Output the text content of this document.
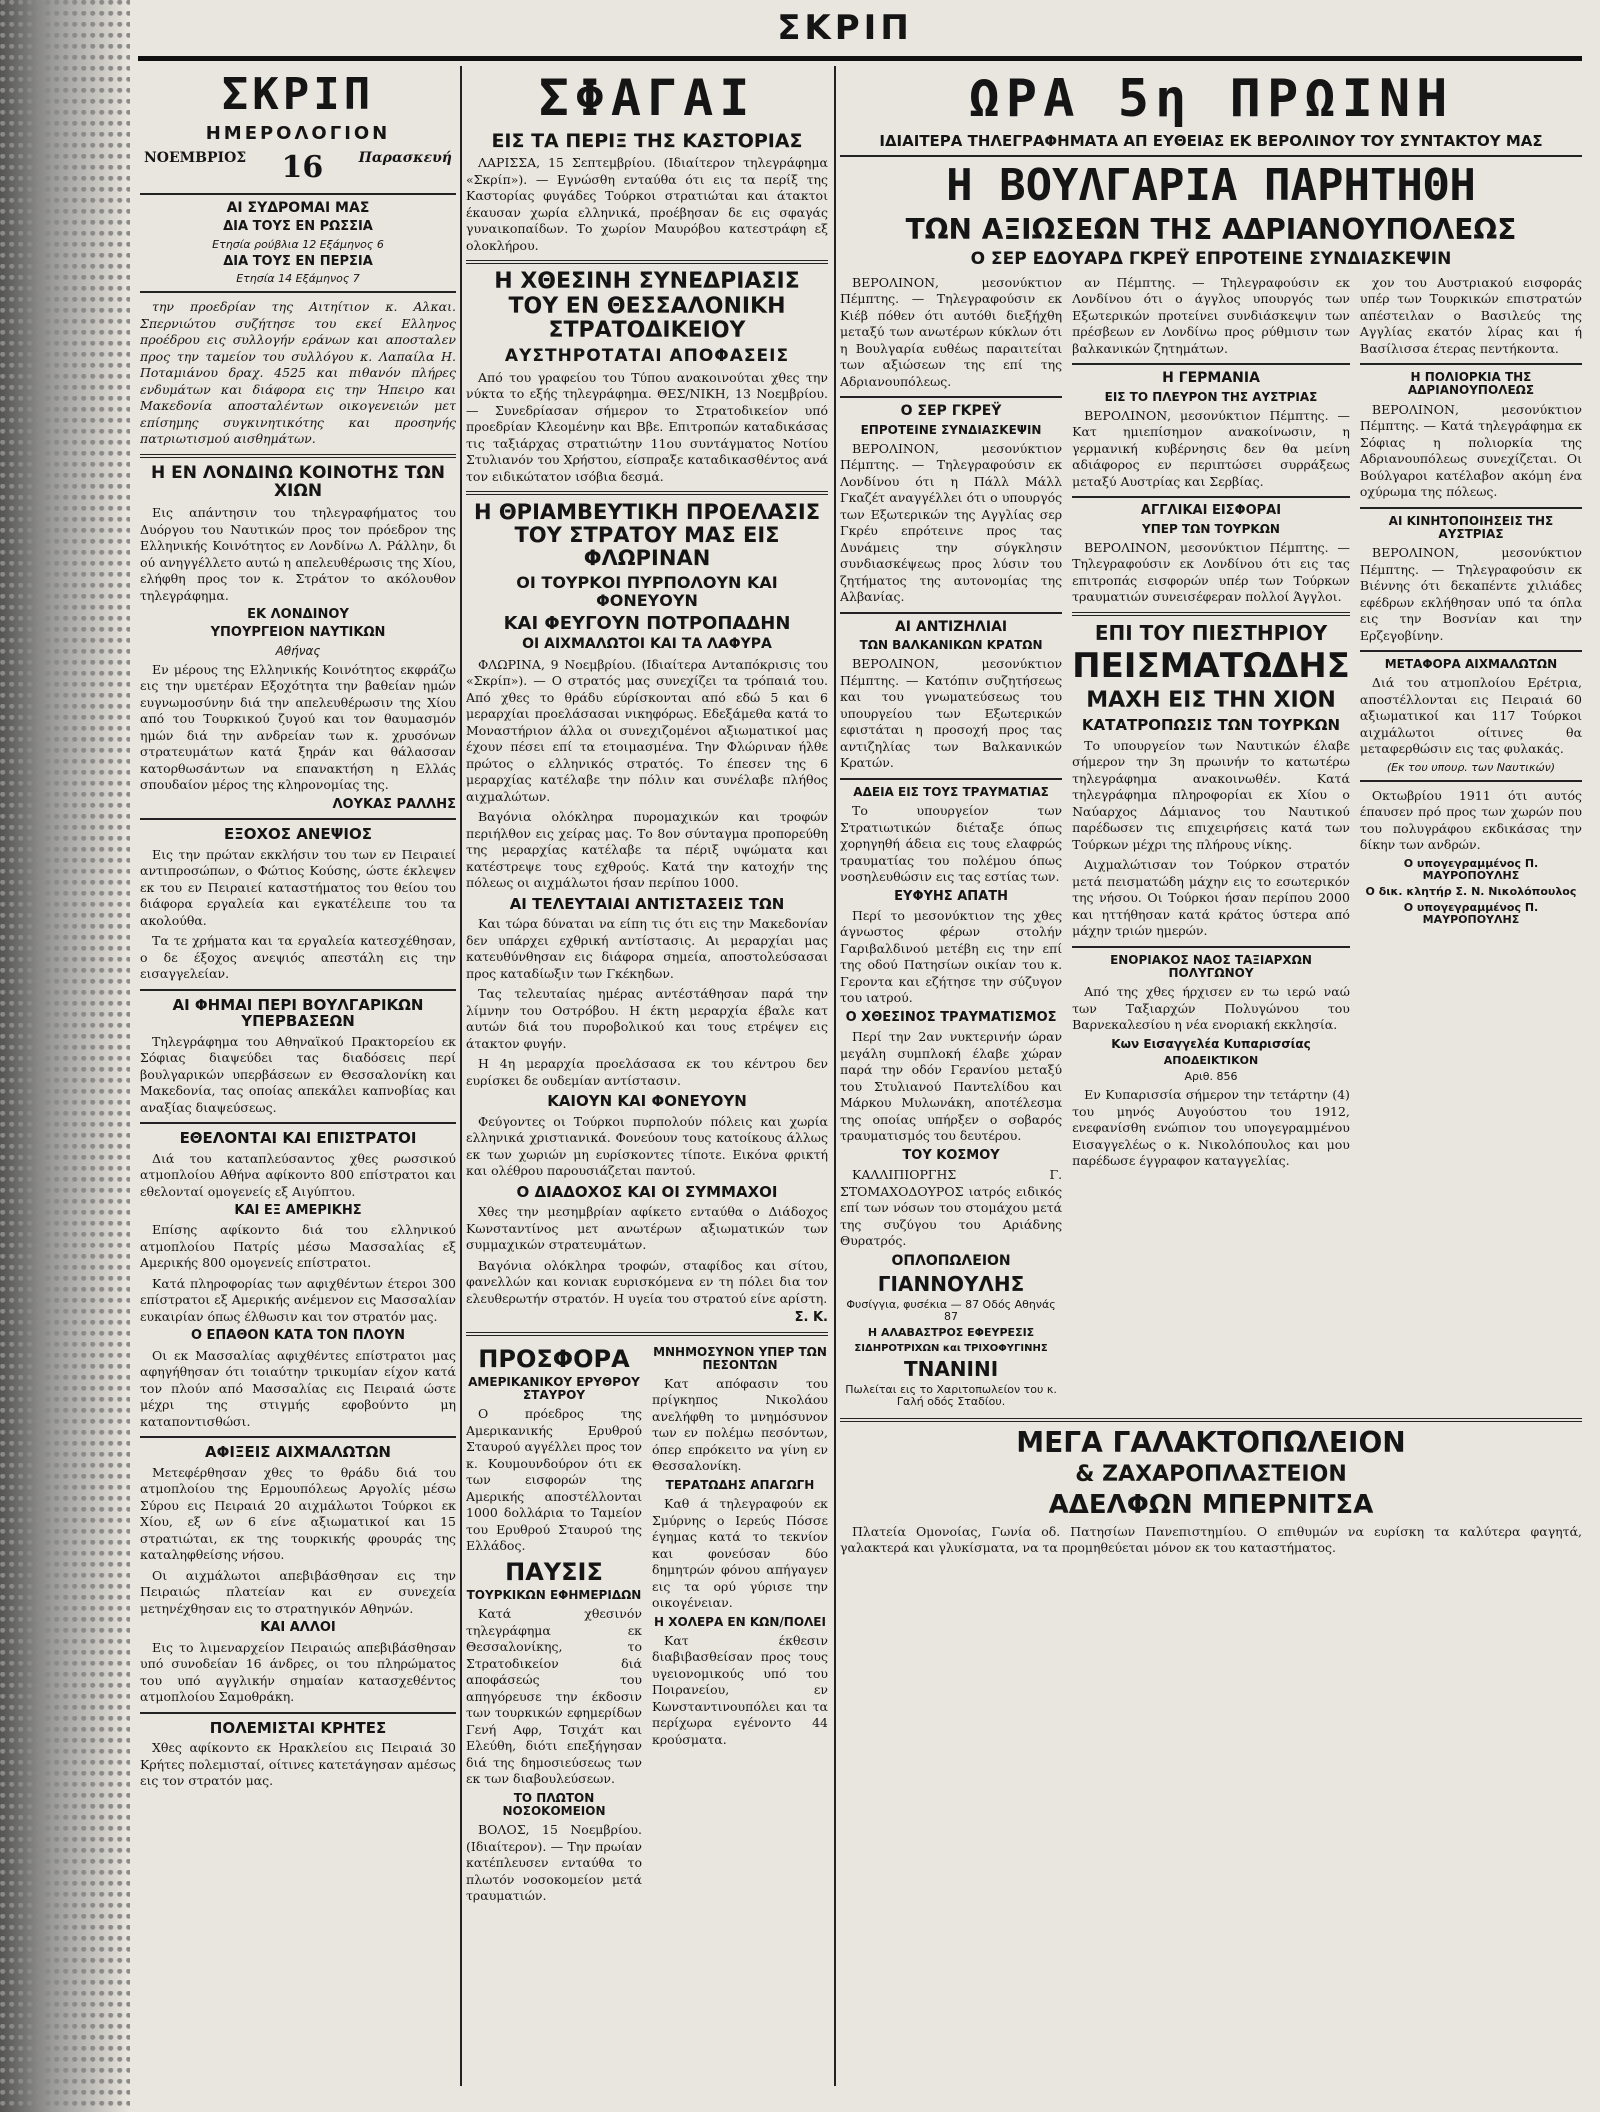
ΣΚΡΙΠ
ΣΚΡΙΠ
ΗΜΕΡΟΛΟΓΙΟΝ
ΝΟΕΜΒΡΙΟΣ 16	Παρασκευή
ΑΙ ΣΥΔΡΟΜΑΙ ΜΑΣ
ΔΙΑ ΤΟΥΣ ΕΝ ΡΩΣΣΙΑ
Ετησία ρούβλια 12 Εξάμηνος 6
ΔΙΑ ΤΟΥΣ ΕΝ ΠΕΡΣΙΑ
Ετησία 14 Εξάμηνος 7
την προεδρίαν της Αιτηίτιον κ. Αλκαι. Σπερνιώτου συζήτησε του εκεί Ελληνος προέδρου εις συλλογήν εράνων και αποσταλεν προς την ταμείον του συλλόγου κ. Λαπαίλα Η. Ποταμιάνου δραχ. 4525 και πιθανόν πλήρες ενδυμάτων και διάφορα εις την Ήπειρο και Μακεδονία αποσταλέντων οικογενειών μετ επίσημης συγκινητικότης και προσηνής πατριωτισμού αισθημάτων.
Η ΕΝ ΛΟΝΔΙΝΩ ΚΟΙΝΟΤΗΣ ΤΩΝ ΧΙΩΝ
Εις απάντησιν του τηλεγραφήματος του Δυόργου του Ναυτικών προς τον πρόεδρον της Ελληνικής Κοινότητος εν Λονδίνω Λ. Ράλλην, δι ού ανηγγέλλετο αυτώ η απελευθέρωσις της Χίου, ελήφθη προς τον κ. Στράτον το ακόλουθον τηλεγράφημα.
ΕΚ ΛΟΝΔΙΝΟΥ
ΥΠΟΥΡΓΕΙΟΝ ΝΑΥΤΙΚΩΝ
Αθήνας
Εν μέρους της Ελληνικής Κοινότητος εκφράζω εις την υμετέραν Εξοχότητα την βαθείαν ημών ευγνωμοσύνην διά την απελευθέρωσιν της Χίου από του Τουρκικού ζυγού και τον θαυμασμόν ημών διά την ανδρείαν των κ. χρυσόνων στρατευμάτων κατά ξηράν και θάλασσαν κατορθωσάντων να επανακτήση η Ελλάς σπουδαίον μέρος της κληρονομίας της.
ΛΟΥΚΑΣ ΡΑΛΛΗΣ
ΕΞΟΧΟΣ ΑΝΕΨΙΟΣ
Εις την πρώταν εκκλήσιν του των εν Πειραιεί αντιπροσώπων, ο Φώτιος Κούσης, ώστε έκλεψεν εκ του εν Πειραιεί καταστήματος του θείου του διάφορα εργαλεία και εγκατέλειπε του τα ακολούθα.
Τα τε χρήματα και τα εργαλεία κατεσχέθησαν, ο δε έξοχος ανεψιός απεστάλη εις την εισαγγελείαν.
ΑΙ ΦΗΜΑΙ ΠΕΡΙ ΒΟΥΛΓΑΡΙΚΩΝ ΥΠΕΡΒΑΣΕΩΝ
Τηλεγράφημα του Αθηναϊκού Πρακτορείου εκ Σόφιας διαψεύδει τας διαδόσεις περί βουλγαρικών υπερβάσεων εν Θεσσαλονίκη και Μακεδονία, τας οποίας απεκάλει καπνοβίας και αναξίας διαψεύσεως.
ΕΘΕΛΟΝΤΑΙ ΚΑΙ ΕΠΙΣΤΡΑΤΟΙ
Διά του καταπλεύσαντος χθες ρωσσικού ατμοπλοίου Αθήνα αφίκοντο 800 επίστρατοι και εθελονταί ομογενείς εξ Αιγύπτου.
ΚΑΙ ΕΞ ΑΜΕΡΙΚΗΣ
Επίσης αφίκοντο διά του ελληνικού ατμοπλοίου Πατρίς μέσω Μασσαλίας εξ Αμερικής 800 ομογενείς επίστρατοι.
Κατά πληροφορίας των αφιχθέντων έτεροι 300 επίστρατοι εξ Αμερικής ανέμενον εις Μασσαλίαν ευκαιρίαν όπως έλθωσιν και τον στρατόν μας.
Ο ΕΠΑΘΟΝ ΚΑΤΑ ΤΟΝ ΠΛΟΥΝ
Οι εκ Μασσαλίας αφιχθέντες επίστρατοι μας αφηγήθησαν ότι τοιαύτην τρικυμίαν είχον κατά τον πλούν από Μασσαλίας εις Πειραιά ώστε μέχρι της στιγμής εφοβούντο μη καταποντισθώσι.
ΑΦΙΞΕΙΣ ΑΙΧΜΑΛΩΤΩΝ
Μετεφέρθησαν χθες το θράδυ διά του ατμοπλοίου της Ερμουπόλεως Αργολίς μέσω Σύρου εις Πειραιά 20 αιχμάλωτοι Τούρκοι εκ Χίου, εξ ων 6 είνε αξιωματικοί και 15 στρατιώται, εκ της τουρκικής φρουράς της καταληφθείσης νήσου.
Οι αιχμάλωτοι απεβιβάσθησαν εις την Πειραιώς πλατείαν και εν συνεχεία μετηνέχθησαν εις το στρατηγικόν Αθηνών.
ΚΑΙ ΑΛΛΟΙ
Εις το λιμεναρχείον Πειραιώς απεβιβάσθησαν υπό συνοδείαν 16 άνδρες, οι του πληρώματος του υπό αγγλικήν σημαίαν κατασχεθέντος ατμοπλοίου Σαμοθράκη.
ΠΟΛΕΜΙΣΤΑΙ ΚΡΗΤΕΣ
Χθες αφίκοντο εκ Ηρακλείου εις Πειραιά 30 Κρήτες πολεμισταί, οίτινες κατετάγησαν αμέσως εις τον στρατόν μας.
ΣΦΑΓΑΙ
ΕΙΣ ΤΑ ΠΕΡΙΞ ΤΗΣ ΚΑΣΤΟΡΙΑΣ
ΛΑΡΙΣΣΑ, 15 Σεπτεμβρίου. (Ιδιαίτερον τηλεγράφημα «Σκρίπ»). — Εγνώσθη ενταύθα ότι εις τα περίξ της Καστορίας φυγάδες Τούρκοι στρατιώται και άτακτοι έκαυσαν χωρία ελληνικά, προέβησαν δε εις σφαγάς γυναικοπαίδων. Το χωρίον Μαυρόβου κατεστράφη εξ ολοκλήρου.
Η ΧΘΕΣΙΝΗ ΣΥΝΕΔΡΙΑΣΙΣ ΤΟΥ ΕΝ ΘΕΣΣΑΛΟΝΙΚΗ ΣΤΡΑΤΟΔΙΚΕΙΟΥ
ΑΥΣΤΗΡΟΤΑΤΑΙ ΑΠΟΦΑΣΕΙΣ
Από του γραφείου του Τύπου ανακοινούται χθες την νύκτα το εξής τηλεγράφημα. ΘΕΣ/ΝΙΚΗ, 13 Νοεμβρίου. — Συνεδρίασαν σήμερον το Στρατοδικείον υπό προεδρίαν Κλεομένην και Ββε. Επιτροπών καταδικάσας τις ταξιάρχας στρατιώτην 11ου συντάγματος Νοτίου Στυλιανόν του Χρήστου, είσπραξε καταδικασθέντος ανά τον ειδικώτατον ισόβια δεσμά.
Η ΘΡΙΑΜΒΕΥΤΙΚΗ ΠΡΟΕΛΑΣΙΣ ΤΟΥ ΣΤΡΑΤΟΥ ΜΑΣ ΕΙΣ ΦΛΩΡΙΝΑΝ
ΟΙ ΤΟΥΡΚΟΙ ΠΥΡΠΟΛΟΥΝ ΚΑΙ ΦΟΝΕΥΟΥΝ
ΚΑΙ ΦΕΥΓΟΥΝ ΠΟΤΡΟΠΑΔΗΝ
ΟΙ ΑΙΧΜΑΛΩΤΟΙ ΚΑΙ ΤΑ ΛΑΦΥΡΑ
ΦΛΩΡΙΝΑ, 9 Νοεμβρίου. (Ιδιαίτερα Ανταπόκρισις του «Σκρίπ»). — Ο στρατός μας συνεχίζει τα τρόπαιά του. Από χθες το θράδυ εύρίσκονται από εδώ 5 και 6 μεραρχίαι προελάσασαι νικηφόρως. Εδεξάμεθα κατά το Μοναστήριον άλλα οι συνεχιζομένοι αξιωματικοί μας έχουν πέσει επί τα ετοιμασμένα. Την Φλώριναν ήλθε πρώτος ο ελληνικός στρατός. Το έπεσεν της 6 μεραρχίας κατέλαβε την πόλιν και συνέλαβε πλήθος αιχμαλώτων.
Βαγόνια ολόκληρα πυρομαχικών και τροφών περιήλθον εις χείρας μας. Το 8ον σύνταγμα προπορεύθη της μεραρχίας κατέλαβε τα πέριξ υψώματα και κατέστρεψε τους εχθρούς. Κατά την κατοχήν της πόλεως οι αιχμάλωτοι ήσαν περίπου 1000.
ΑΙ ΤΕΛΕΥΤΑΙΑΙ ΑΝΤΙΣΤΑΣΕΙΣ ΤΩΝ
Και τώρα δύναται να είπη τις ότι εις την Μακεδονίαν δεν υπάρχει εχθρική αντίστασις. Αι μεραρχίαι μας κατευθύνθησαν εις διάφορα σημεία, αποστολεύσασαι προς καταδίωξιν των Γκέκηδων.
Τας τελευταίας ημέρας αντέστάθησαν παρά την λίμνην του Οστρόβου. Η έκτη μεραρχία έβαλε κατ αυτών διά του πυροβολικού και τους ετρέψεν εις άτακτον φυγήν.
Η 4η μεραρχία προελάσασα εκ του κέντρου δεν ευρίσκει δε ουδεμίαν αντίστασιν.
ΚΑΙΟΥΝ ΚΑΙ ΦΟΝΕΥΟΥΝ
Φεύγοντες οι Τούρκοι πυρπολούν πόλεις και χωρία ελληνικά χριστιανικά. Φονεύουν τους κατοίκους άλλως εκ των χωριών μη ευρίσκοντες τίποτε. Εικόνα φρικτή και ολέθρου παρουσιάζεται παντού.
Ο ΔΙΑΔΟΧΟΣ ΚΑΙ ΟΙ ΣΥΜΜΑΧΟΙ
Χθες την μεσημβρίαν αφίκετο ενταύθα ο Διάδοχος Κωνσταντίνος μετ ανωτέρων αξιωματικών των συμμαχικών στρατευμάτων.
Βαγόνια ολόκληρα τροφών, σταφίδος και σίτου, φανελλών και κονιακ ευρισκόμενα εν τη πόλει δια τον ελευθερωτήν στρατόν. Η υγεία του στρατού είνε αρίστη.
Σ. Κ.
ΠΡΟΣΦΟΡΑ
ΑΜΕΡΙΚΑΝΙΚΟΥ ΕΡΥΘΡΟΥ ΣΤΑΥΡΟΥ
Ο πρόεδρος της Αμερικανικής Ερυθρού Σταυρού αγγέλλει προς τον κ. Κουμουνδούρον ότι εκ των εισφορών της Αμερικής αποστέλλονται 1000 δολλάρια το Ταμείον του Ερυθρού Σταυρού της Ελλάδος.
ΠΑΥΣΙΣ
ΤΟΥΡΚΙΚΩΝ ΕΦΗΜΕΡΙΔΩΝ
Κατά χθεσινόν τηλεγράφημα εκ Θεσσαλονίκης, το Στρατοδικείον διά αποφάσεώς του απηγόρευσε την έκδοσιν των τουρκικών εφημερίδων Γενή Αφρ, Τσιχάτ και Ελεύθη, διότι επεξήγησαν διά της δημοσιεύσεως των εκ των διαβουλεύσεων.
ΤΟ ΠΛΩΤΟΝ ΝΟΣΟΚΟΜΕΙΟΝ
ΒΟΛΟΣ, 15 Νοεμβρίου. (Ιδιαίτερον). — Την πρωίαν κατέπλευσεν ενταύθα το πλωτόν νοσοκομείον μετά τραυματιών.
ΜΝΗΜΟΣΥΝΟΝ ΥΠΕΡ ΤΩΝ ΠΕΣΟΝΤΩΝ
Κατ απόφασιν του πρίγκηπος Νικολάου ανελήφθη το μνημόσυνον των εν πολέμω πεσόντων, όπερ επρόκειτο να γίνη εν Θεσσαλονίκη.
ΤΕΡΑΤΩΔΗΣ ΑΠΑΓΩΓΗ
Καθ ά τηλεγραφούν εκ Σμύρνης ο Ιερεύς Πόσσε έγημας κατά το τεκνίον και φονεύσαν δύο δημητρών φόνου απήγαγεν εις τα ορύ γύρισε την οικογένειαν.
Η ΧΟΛΕΡΑ ΕΝ ΚΩΝ/ΠΟΛΕΙ
Κατ έκθεσιν διαβιβασθείσαν προς τους υγειονομικούς υπό του Ποιρανείου, εν Κωνσταντινουπόλει και τα περίχωρα εγένοντο 44 κρούσματα.
ΩΡΑ 5η ΠΡΩΙΝΗ
ΙΔΙΑΙΤΕΡΑ ΤΗΛΕΓΡΑΦΗΜΑΤΑ ΑΠ ΕΥΘΕΙΑΣ ΕΚ ΒΕΡΟΛΙΝΟΥ ΤΟΥ ΣΥΝΤΑΚΤΟΥ ΜΑΣ
Η ΒΟΥΛΓΑΡΙΑ ΠΑΡΗΤΗΘΗ
ΤΩΝ ΑΞΙΩΣΕΩΝ ΤΗΣ ΑΔΡΙΑΝΟΥΠΟΛΕΩΣ
Ο ΣΕΡ ΕΔΟΥΑΡΔ ΓΚΡΕΫ ΕΠΡΟΤΕΙΝΕ ΣΥΝΔΙΑΣΚΕΨΙΝ
ΒΕΡΟΛΙΝΟΝ, μεσονύκτιον Πέμπτης. — Τηλεγραφούσιν εκ Κιέβ πόθεν ότι αυτόθι διεξήχθη μεταξύ των ανωτέρων κύκλων ότι η Βουλγαρία ευθέως παραιτείται των αξιώσεων της επί της Αδριανουπόλεως.
Ο ΣΕΡ ΓΚΡΕΫ
ΕΠΡΟΤΕΙΝΕ ΣΥΝΔΙΑΣΚΕΨΙΝ
ΒΕΡΟΛΙΝΟΝ, μεσονύκτιον Πέμπτης. — Τηλεγραφούσιν εκ Λονδίνου ότι η Πάλλ Μάλλ Γκαζέτ αναγγέλλει ότι ο υπουργός των Εξωτερικών της Αγγλίας σερ Γκρέυ επρότεινε προς τας Δυνάμεις την σύγκλησιν συνδιασκέψεως προς λύσιν του ζητήματος της αυτονομίας της Αλβανίας.
ΑΙ ΑΝΤΙΖΗΛΙΑΙ
ΤΩΝ ΒΑΛΚΑΝΙΚΩΝ ΚΡΑΤΩΝ
ΒΕΡΟΛΙΝΟΝ, μεσονύκτιον Πέμπτης. — Κατόπιν συζητήσεως και του γνωματεύσεως του υπουργείου των Εξωτερικών εφιστάται η προσοχή προς τας αντιζηλίας των Βαλκανικών Κρατών.
ΑΔΕΙΑ ΕΙΣ ΤΟΥΣ ΤΡΑΥΜΑΤΙΑΣ
Το υπουργείον των Στρατιωτικών διέταξε όπως χορηγηθή άδεια εις τους ελαφρώς τραυματίας του πολέμου όπως νοσηλευθώσιν εις τας εστίας των.
ΕΥΦΥΗΣ ΑΠΑΤΗ
Περί το μεσονύκτιον της χθες άγνωστος φέρων στολήν Γαριβαλδινού μετέβη εις την επί της οδού Πατησίων οικίαν του κ. Γεροντα και εζήτησε την σύζυγον του ιατρού.
Ο ΧΘΕΣΙΝΟΣ ΤΡΑΥΜΑΤΙΣΜΟΣ
Περί την 2αν νυκτερινήν ώραν μεγάλη συμπλοκή έλαβε χώραν παρά την οδόν Γερανίου μεταξύ του Στυλιανού Παντελίδου και Μάρκου Μυλωνάκη, αποτέλεσμα της οποίας υπήρξεν ο σοβαρός τραυματισμός του δευτέρου.
ΤΟΥ ΚΟΣΜΟΥ
ΚΑΛΛΙΠΙΟΡΓΗΣ Γ. ΣΤΟΜΑΧΟΔΟΥΡΟΣ ιατρός ειδικός επί των νόσων του στομάχου μετά της συζύγου του Αριάδνης Θυρατρός.
ΟΠΛΟΠΩΛΕΙΟΝ
ΓΙΑΝΝΟΥΛΗΣ
Φυσίγγια, φυσέκια — 87 Οδός Αθηνάς 87
Η ΑΛΑΒΑΣΤΡΟΣ ΕΦΕΥΡΕΣΙΣ
ΣΙΔΗΡΟΤΡΙΧΩΝ και ΤΡΙΧΟΦΥΓΙΝΗΣ
ΤΝΑΝΙΝΙ
Πωλείται εις το Χαριτοπωλείον του κ. Γαλή οδός Σταδίου.
αν Πέμπτης. — Τηλεγραφούσιν εκ Λονδίνου ότι ο άγγλος υπουργός των Εξωτερικών προτείνει συνδιάσκεψιν των πρέσβεων εν Λονδίνω προς ρύθμισιν των βαλκανικών ζητημάτων.
Η ΓΕΡΜΑΝΙΑ
ΕΙΣ ΤΟ ΠΛΕΥΡΟΝ ΤΗΣ ΑΥΣΤΡΙΑΣ
ΒΕΡΟΛΙΝΟΝ, μεσονύκτιον Πέμπτης. — Κατ ημιεπίσημον ανακοίνωσιν, η γερμανική κυβέρνησις δεν θα μείνη αδιάφορος εν περιπτώσει συρράξεως μεταξύ Αυστρίας και Σερβίας.
ΑΓΓΛΙΚΑΙ ΕΙΣΦΟΡΑΙ
ΥΠΕΡ ΤΩΝ ΤΟΥΡΚΩΝ
ΒΕΡΟΛΙΝΟΝ, μεσονύκτιον Πέμπτης. — Τηλεγραφούσιν εκ Λονδίνου ότι εις τας επιτροπάς εισφορών υπέρ των Τούρκων τραυματιών συνεισέφεραν πολλοί Άγγλοι.
ΕΠΙ ΤΟΥ ΠΙΕΣΤΗΡΙΟΥ
ΠΕΙΣΜΑΤΩΔΗΣ
ΜΑΧΗ ΕΙΣ ΤΗΝ ΧΙΟΝ
ΚΑΤΑΤΡΟΠΩΣΙΣ ΤΩΝ ΤΟΥΡΚΩΝ
Το υπουργείον των Ναυτικών έλαβε σήμερον την 3η πρωινήν το κατωτέρω τηλεγράφημα ανακοινωθέν. Κατά τηλεγράφημα πληροφορίαι εκ Χίου ο Ναύαρχος Δάμιανος του Ναυτικού παρέδωσεν τις επιχειρήσεις κατά των Τούρκων μέχρι της πλήρους νίκης.
Αιχμαλώτισαν τον Τούρκον στρατόν μετά πεισματώδη μάχην εις το εσωτερικόν της νήσου. Οι Τούρκοι ήσαν περίπου 2000 και ηττήθησαν κατά κράτος ύστερα από μάχην τριών ημερών.
ΕΝΟΡΙΑΚΟΣ ΝΑΟΣ ΤΑΞΙΑΡΧΩΝ ΠΟΛΥΓΩΝΟΥ
Από της χθες ήρχισεν εν τω ιερώ ναώ των Ταξιαρχών Πολυγώνου του Βαρνεκαλεσίου η νέα ενοριακή εκκλησία.
Κων Εισαγγελέα Κυπαρισσίας
ΑΠΟΔΕΙΚΤΙΚΟΝ
Αριθ. 856
Εν Κυπαρισσία σήμερον την τετάρτην (4) του μηνός Αυγούστου του 1912, ενεφανίσθη ενώπιον του υπογεγραμμένου Εισαγγελέως ο κ. Νικολόπουλος και μου παρέδωσε έγγραφον καταγγελίας.
χον του Αυστριακού εισφοράς υπέρ των Τουρκικών επιστρατών απέστειλαν ο Βασιλεύς της Αγγλίας εκατόν λίρας και ή Βασίλισσα έτερας πεντήκοντα.
Η ΠΟΛΙΟΡΚΙΑ ΤΗΣ ΑΔΡΙΑΝΟΥΠΟΛΕΩΣ
ΒΕΡΟΛΙΝΟΝ, μεσονύκτιον Πέμπτης. — Κατά τηλεγράφημα εκ Σόφιας η πολιορκία της Αδριανουπόλεως συνεχίζεται. Οι Βούλγαροι κατέλαβον ακόμη ένα οχύρωμα της πόλεως.
ΑΙ ΚΙΝΗΤΟΠΟΙΗΣΕΙΣ ΤΗΣ ΑΥΣΤΡΙΑΣ
ΒΕΡΟΛΙΝΟΝ, μεσονύκτιον Πέμπτης. — Τηλεγραφούσιν εκ Βιέννης ότι δεκαπέντε χιλιάδες εφέδρων εκλήθησαν υπό τα όπλα εις την Βοσνίαν και την Ερζεγοβίνην.
ΜΕΤΑΦΟΡΑ ΑΙΧΜΑΛΩΤΩΝ
Διά του ατμοπλοίου Ερέτρια, αποστέλλονται εις Πειραιά 60 αξιωματικοί και 117 Τούρκοι αιχμάλωτοι οίτινες θα μεταφερθώσιν εις τας φυλακάς.
(Εκ του υπουρ. των Ναυτικών)
Οκτωβρίου 1911 ότι αυτός έπαυσεν πρό προς των χωρών που του πολυγράφου εκδικάσας την δίκην των ανδρών.
Ο υπογεγραμμένος Π. ΜΑΥΡΟΠΟΥΛΗΣ
Ο δικ. κλητήρ Σ. Ν. Νικολόπουλος
Ο υπογεγραμμένος Π. ΜΑΥΡΟΠΟΥΛΗΣ
ΜΕΓΑ ΓΑΛΑΚΤΟΠΩΛΕΙΟΝ
& ΖΑΧΑΡΟΠΛΑΣΤΕΙΟΝ
ΑΔΕΛΦΩΝ ΜΠΕΡΝΙΤΣΑ
Πλατεία Ομονοίας, Γωνία οδ. Πατησίων Πανεπιστημίου. Ο επιθυμών να ευρίσκη τα καλύτερα φαγητά, γαλακτερά και γλυκίσματα, να τα προμηθεύεται μόνον εκ του καταστήματος.
